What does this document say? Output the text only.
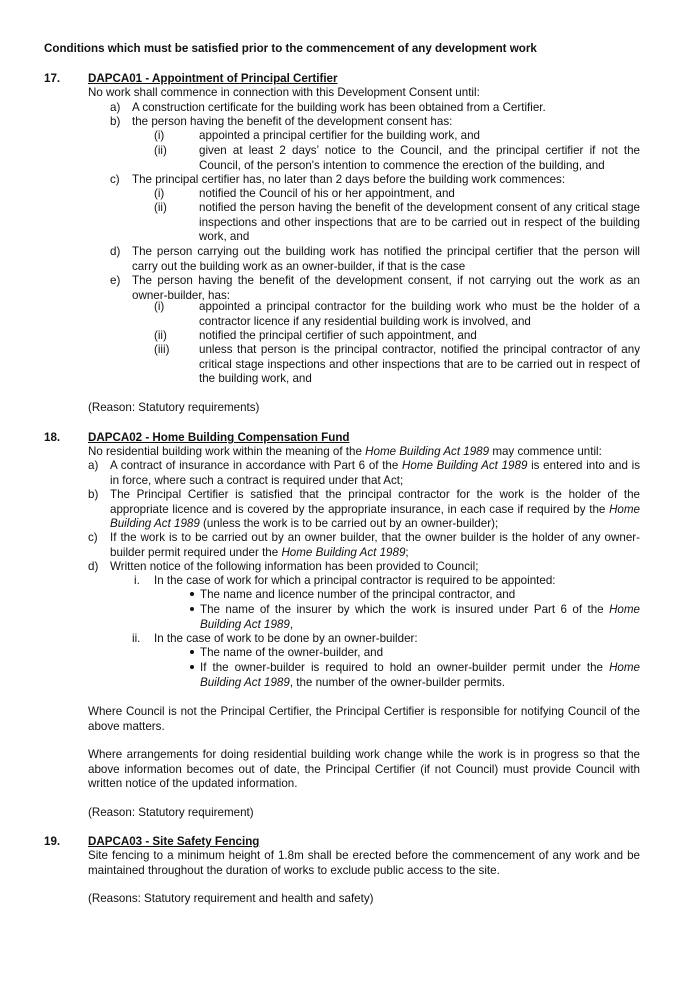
Conditions which must be satisfied prior to the commencement of any development work
17. DAPCA01 - Appointment of Principal Certifier
No work shall commence in connection with this Development Consent until:
a) A construction certificate for the building work has been obtained from a Certifier.
b) the person having the benefit of the development consent has:
(i)	appointed a principal certifier for the building work, and
(ii)	given at least 2 days’ notice to the Council, and the principal certifier if not the Council, of the person's intention to commence the erection of the building, and
c) The principal certifier has, no later than 2 days before the building work commences:
(i)	notified the Council of his or her appointment, and
(ii)	notified the person having the benefit of the development consent of any critical stage inspections and other inspections that are to be carried out in respect of the building work, and
d) The person carrying out the building work has notified the principal certifier that the person will carry out the building work as an owner-builder, if that is the case
e) The person having the benefit of the development consent, if not carrying out the work as an owner-builder, has:
(i)	appointed a principal contractor for the building work who must be the holder of a contractor licence if any residential building work is involved, and
(ii)	notified the principal certifier of such appointment, and
(iii)	unless that person is the principal contractor, notified the principal contractor of any critical stage inspections and other inspections that are to be carried out in respect of the building work, and
(Reason: Statutory requirements)
18. DAPCA02 - Home Building Compensation Fund
No residential building work within the meaning of the Home Building Act 1989 may commence until:
a) A contract of insurance in accordance with Part 6 of the Home Building Act 1989 is entered into and is in force, where such a contract is required under that Act;
b) The Principal Certifier is satisfied that the principal contractor for the work is the holder of the appropriate licence and is covered by the appropriate insurance, in each case if required by the Home Building Act 1989 (unless the work is to be carried out by an owner-builder);
c) If the work is to be carried out by an owner builder, that the owner builder is the holder of any owner-builder permit required under the Home Building Act 1989;
d) Written notice of the following information has been provided to Council;
i. In the case of work for which a principal contractor is required to be appointed:
The name and licence number of the principal contractor, and
The name of the insurer by which the work is insured under Part 6 of the Home Building Act 1989,
ii. In the case of work to be done by an owner-builder:
The name of the owner-builder, and
If the owner-builder is required to hold an owner-builder permit under the Home Building Act 1989, the number of the owner-builder permits.
Where Council is not the Principal Certifier, the Principal Certifier is responsible for notifying Council of the above matters.
Where arrangements for doing residential building work change while the work is in progress so that the above information becomes out of date, the Principal Certifier (if not Council) must provide Council with written notice of the updated information.
(Reason: Statutory requirement)
19. DAPCA03 - Site Safety Fencing
Site fencing to a minimum height of 1.8m shall be erected before the commencement of any work and be maintained throughout the duration of works to exclude public access to the site.
(Reasons: Statutory requirement and health and safety)
